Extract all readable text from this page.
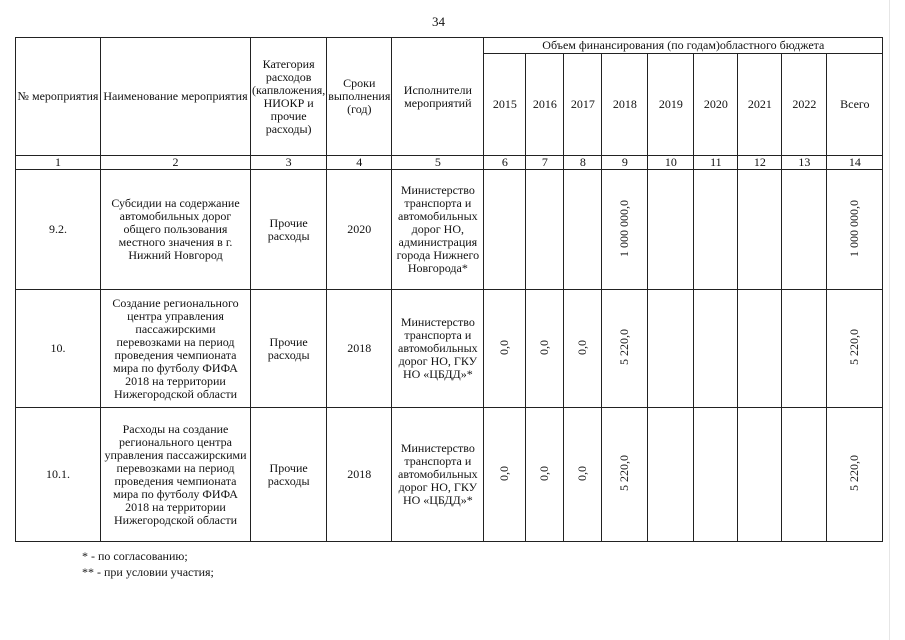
34
№ мероприятия	Наименование мероприятия	Категория расходов (капвложения, НИОКР и прочие расходы)	Сроки выполнения (год)	Исполнители мероприятий	Объем финансирования (по годам)областного бюджета								
					2015	2016	2017	2018	2019	2020	2021	2022	Всего
1	2	3	4	5	6	7	8	9	10	11	12	13	14
9.2.	Субсидии на содержание автомобильных дорог общего пользования местного значения в г. Нижний Новгород	Прочие расходы	2020	Министерство транспорта и автомобильных дорог НО, администрация города Нижнего Новгорода*				1 000 000,0					1 000 000,0
10.	Создание регионального центра управления пассажирскими перевозками на период проведения чемпионата мира по футболу ФИФА 2018 на территории Нижегородской области	Прочие расходы	2018	Министерство транспорта и автомобильных дорог НО, ГКУ НО «ЦБДД»*	0,0	0,0	0,0	5 220,0					5 220,0
10.1.	Расходы на создание регионального центра управления пассажирскими перевозками на период проведения чемпионата мира по футболу ФИФА 2018 на территории Нижегородской области	Прочие расходы	2018	Министерство транспорта и автомобильных дорог НО, ГКУ НО «ЦБДД»*	0,0	0,0	0,0	5 220,0					5 220,0
* - по согласованию;
** - при условии участия;
